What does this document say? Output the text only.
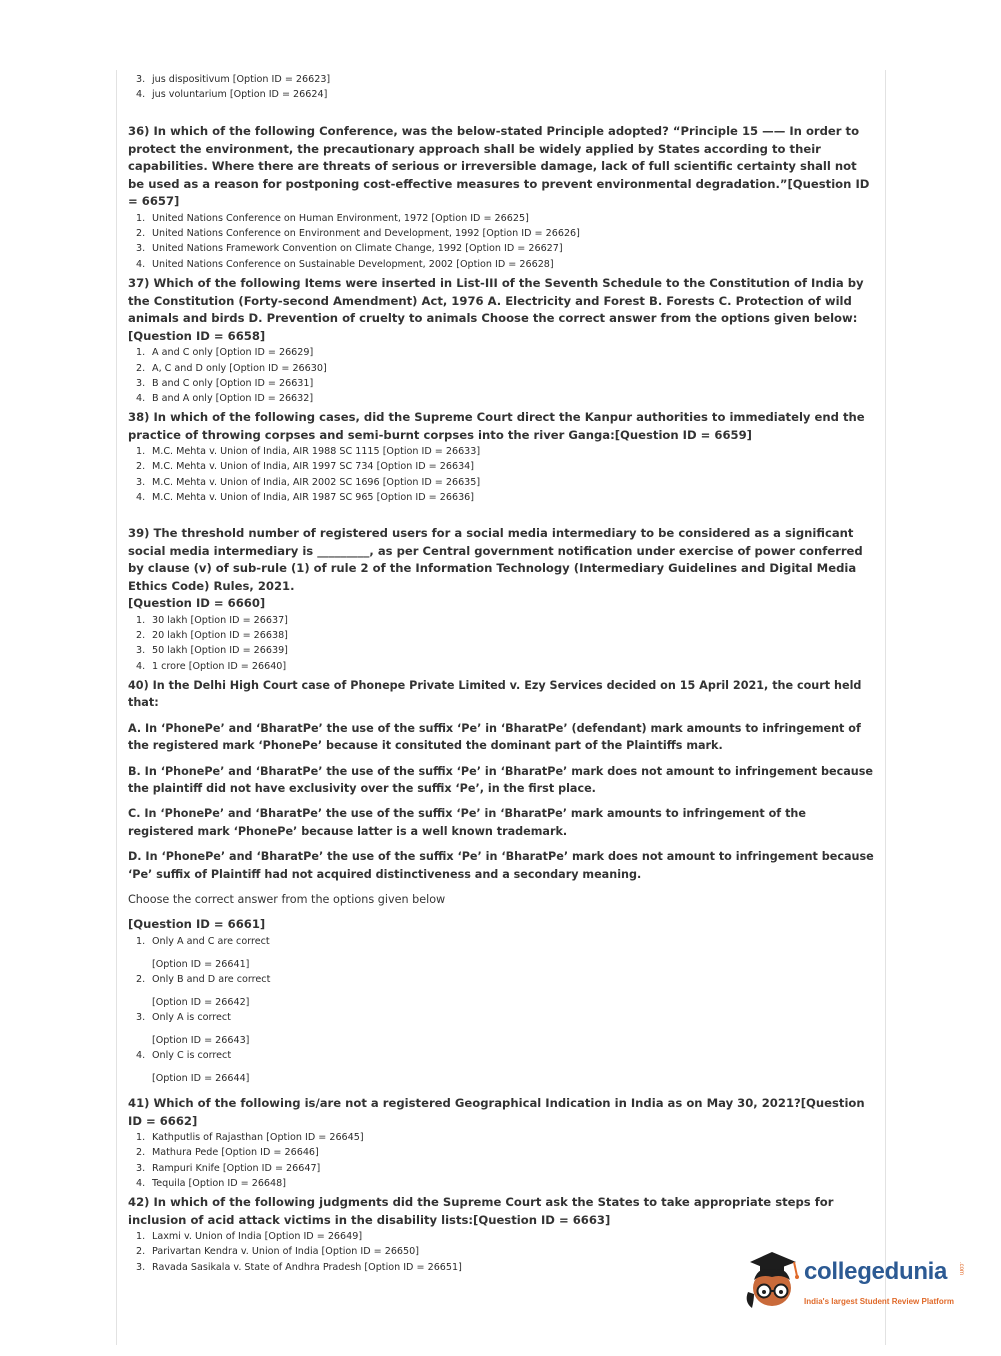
3. jus dispositivum [Option ID = 26623]
4. jus voluntarium [Option ID = 26624]

36) In which of the following Conference, was the below-stated Principle adopted? “Principle 15 —— In order to protect the environment, the precautionary approach shall be widely applied by States according to their capabilities. Where there are threats of serious or irreversible damage, lack of full scientific certainty shall not be used as a reason for postponing cost-effective measures to prevent environmental degradation.”[Question ID = 6657]

1. United Nations Conference on Human Environment, 1972 [Option ID = 26625]
2. United Nations Conference on Environment and Development, 1992 [Option ID = 26626]
3. United Nations Framework Convention on Climate Change, 1992 [Option ID = 26627]
4. United Nations Conference on Sustainable Development, 2002 [Option ID = 26628]

37) Which of the following Items were inserted in List-III of the Seventh Schedule to the Constitution of India by the Constitution (Forty-second Amendment) Act, 1976 A. Electricity and Forest B. Forests C. Protection of wild animals and birds D. Prevention of cruelty to animals Choose the correct answer from the options given below:[Question ID = 6658]

1. A and C only [Option ID = 26629]
2. A, C and D only [Option ID = 26630]
3. B and C only [Option ID = 26631]
4. B and A only [Option ID = 26632]

38) In which of the following cases, did the Supreme Court direct the Kanpur authorities to immediately end the practice of throwing corpses and semi-burnt corpses into the river Ganga:[Question ID = 6659]

1. M.C. Mehta v. Union of India, AIR 1988 SC 1115 [Option ID = 26633]
2. M.C. Mehta v. Union of India, AIR 1997 SC 734 [Option ID = 26634]
3. M.C. Mehta v. Union of India, AIR 2002 SC 1696 [Option ID = 26635]
4. M.C. Mehta v. Union of India, AIR 1987 SC 965 [Option ID = 26636]

39) The threshold number of registered users for a social media intermediary to be considered as a significant social media intermediary is _________, as per Central government notification under exercise of power conferred by clause (v) of sub-rule (1) of rule 2 of the Information Technology (Intermediary Guidelines and Digital Media Ethics Code) Rules, 2021.

[Question ID = 6660]

1. 30 lakh [Option ID = 26637]
2. 20 lakh [Option ID = 26638]
3. 50 lakh [Option ID = 26639]
4. 1 crore [Option ID = 26640]

40) In the Delhi High Court case of Phonepe Private Limited v. Ezy Services decided on 15 April 2021, the court held that:

A. In ‘PhonePe’ and ‘BharatPe’ the use of the suffix ‘Pe’ in ‘BharatPe’ (defendant) mark amounts to infringement of the registered mark ‘PhonePe’ because it consituted the dominant part of the Plaintiffs mark.

B. In ‘PhonePe’ and ‘BharatPe’ the use of the suffix ‘Pe’ in ‘BharatPe’ mark does not amount to infringement because the plaintiff did not have exclusivity over the suffix ‘Pe’, in the first place.

C. In ‘PhonePe’ and ‘BharatPe’ the use of the suffix ‘Pe’ in ‘BharatPe’ mark amounts to infringement of the registered mark ‘PhonePe’ because latter is a well known trademark.

D. In ‘PhonePe’ and ‘BharatPe’ the use of the suffix ‘Pe’ in ‘BharatPe’ mark does not amount to infringement because ‘Pe’ suffix of Plaintiff had not acquired distinctiveness and a secondary meaning.

Choose the correct answer from the options given below

[Question ID = 6661]

1. Only A and C are correct
[Option ID = 26641]
2. Only B and D are correct
[Option ID = 26642]
3. Only A is correct
[Option ID = 26643]
4. Only C is correct
[Option ID = 26644]

41) Which of the following is/are not a registered Geographical Indication in India as on May 30, 2021?[Question ID = 6662]

1. Kathputlis of Rajasthan [Option ID = 26645]
2. Mathura Pede [Option ID = 26646]
3. Rampuri Knife [Option ID = 26647]
4. Tequila [Option ID = 26648]

42) In which of the following judgments did the Supreme Court ask the States to take appropriate steps for inclusion of acid attack victims in the disability lists:[Question ID = 6663]

1. Laxmi v. Union of India [Option ID = 26649]
2. Parivartan Kendra v. Union of India [Option ID = 26650]
3. Ravada Sasikala v. State of Andhra Pradesh [Option ID = 26651]	collegedunia .com
India's largest Student Review Platform
